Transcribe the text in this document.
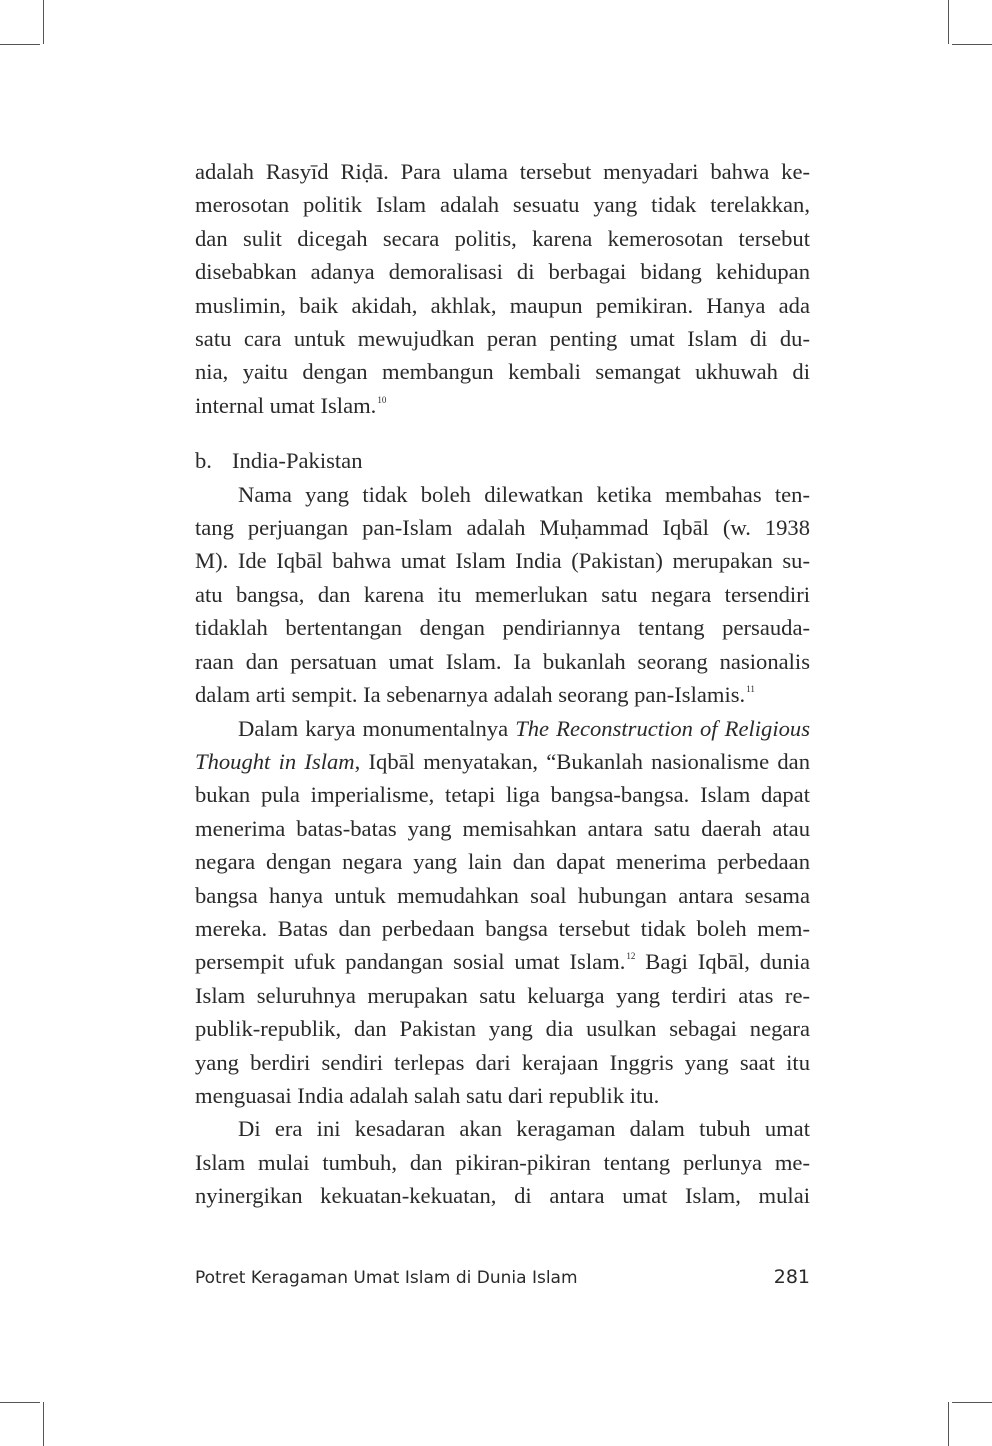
adalah Rasyīd Riḍā. Para ulama tersebut menyadari bahwa ke-
merosotan politik Islam adalah sesuatu yang tidak terelakkan,
dan sulit dicegah secara politis, karena kemerosotan tersebut
disebabkan adanya demoralisasi di berbagai bidang kehidupan
muslimin, baik akidah, akhlak, maupun pemikiran. Hanya ada
satu cara untuk mewujudkan peran penting umat Islam di du-
nia, yaitu dengan membangun kembali semangat ukhuwah di
internal umat Islam.$^{10}$

b. India-Pakistan

Nama yang tidak boleh dilewatkan ketika membahas ten-
tang perjuangan pan-Islam adalah Muḥammad Iqbāl (w. 1938
M). Ide Iqbāl bahwa umat Islam India (Pakistan) merupakan su-
atu bangsa, dan karena itu memerlukan satu negara tersendiri
tidaklah bertentangan dengan pendiriannya tentang persauda-
raan dan persatuan umat Islam. Ia bukanlah seorang nasionalis
dalam arti sempit. Ia sebenarnya adalah seorang pan-Islamis.$^{11}$

Dalam karya monumentalnya The Reconstruction of Religious
Thought in Islam, Iqbāl menyatakan, “Bukanlah nasionalisme dan
bukan pula imperialisme, tetapi liga bangsa-bangsa. Islam dapat
menerima batas-batas yang memisahkan antara satu daerah atau
negara dengan negara yang lain dan dapat menerima perbedaan
bangsa hanya untuk memudahkan soal hubungan antara sesama
mereka. Batas dan perbedaan bangsa tersebut tidak boleh mem-
persempit ufuk pandangan sosial umat Islam.$^{12}$ Bagi Iqbāl, dunia
Islam seluruhnya merupakan satu keluarga yang terdiri atas re-
publik-republik, dan Pakistan yang dia usulkan sebagai negara
yang berdiri sendiri terlepas dari kerajaan Inggris yang saat itu
menguasai India adalah salah satu dari republik itu.

Di era ini kesadaran akan keragaman dalam tubuh umat
Islam mulai tumbuh, dan pikiran-pikiran tentang perlunya me-
nyinergikan kekuatan-kekuatan, di antara umat Islam, mulai

Potret Keragaman Umat Islam di Dunia Islam	281
